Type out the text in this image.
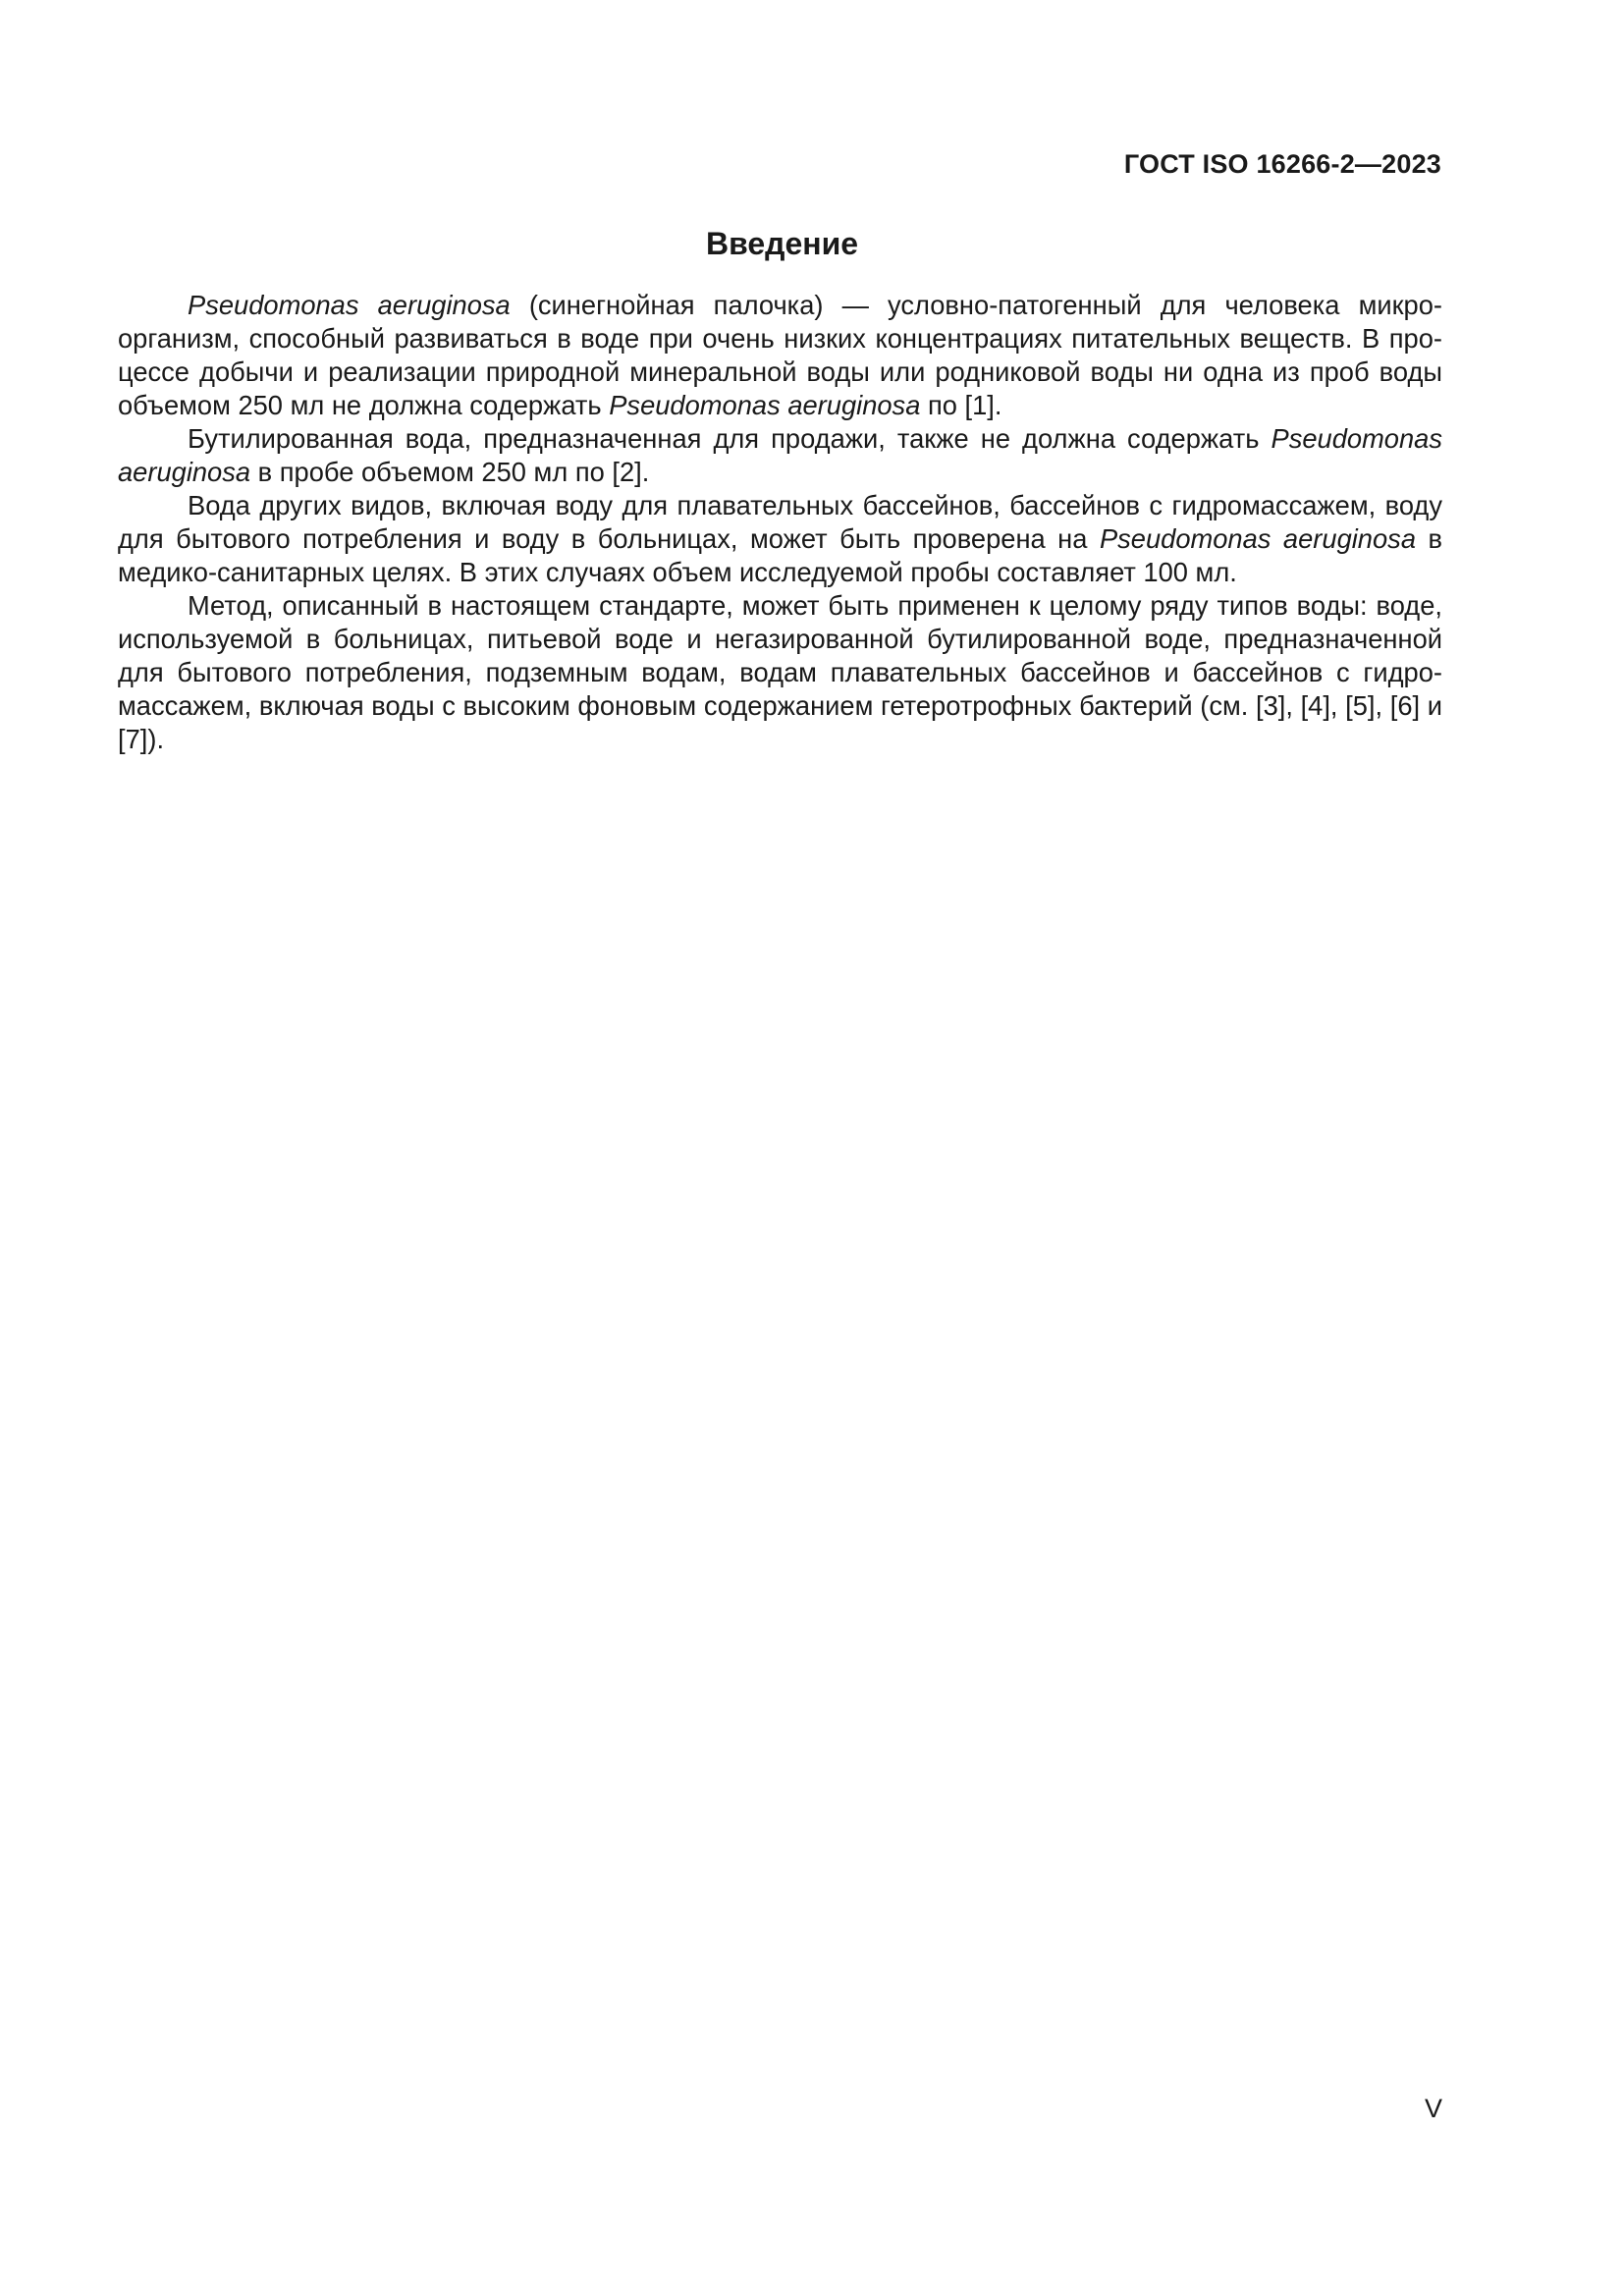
ГОСТ ISO 16266-2—2023
Введение

Pseudomonas aeruginosa (синегнойная палочка) — условно-патогенный для человека микроорганизм, способный развиваться в воде при очень низких концентрациях питательных веществ. В процессе добычи и реализации природной минеральной воды или родниковой воды ни одна из проб воды объемом 250 мл не должна содержать Pseudomonas aeruginosa по [1].

Бутилированная вода, предназначенная для продажи, также не должна содержать Pseudomonas aeruginosa в пробе объемом 250 мл по [2].

Вода других видов, включая воду для плавательных бассейнов, бассейнов с гидромассажем, воду для бытового потребления и воду в больницах, может быть проверена на Pseudomonas aeruginosa в медико-санитарных целях. В этих случаях объем исследуемой пробы составляет 100 мл.

Метод, описанный в настоящем стандарте, может быть применен к целому ряду типов воды: воде, используемой в больницах, питьевой воде и негазированной бутилированной воде, предназначенной для бытового потребления, подземным водам, водам плавательных бассейнов и бассейнов с гидромассажем, включая воды с высоким фоновым содержанием гетеротрофных бактерий (см. [3], [4], [5], [6] и [7]).

V
